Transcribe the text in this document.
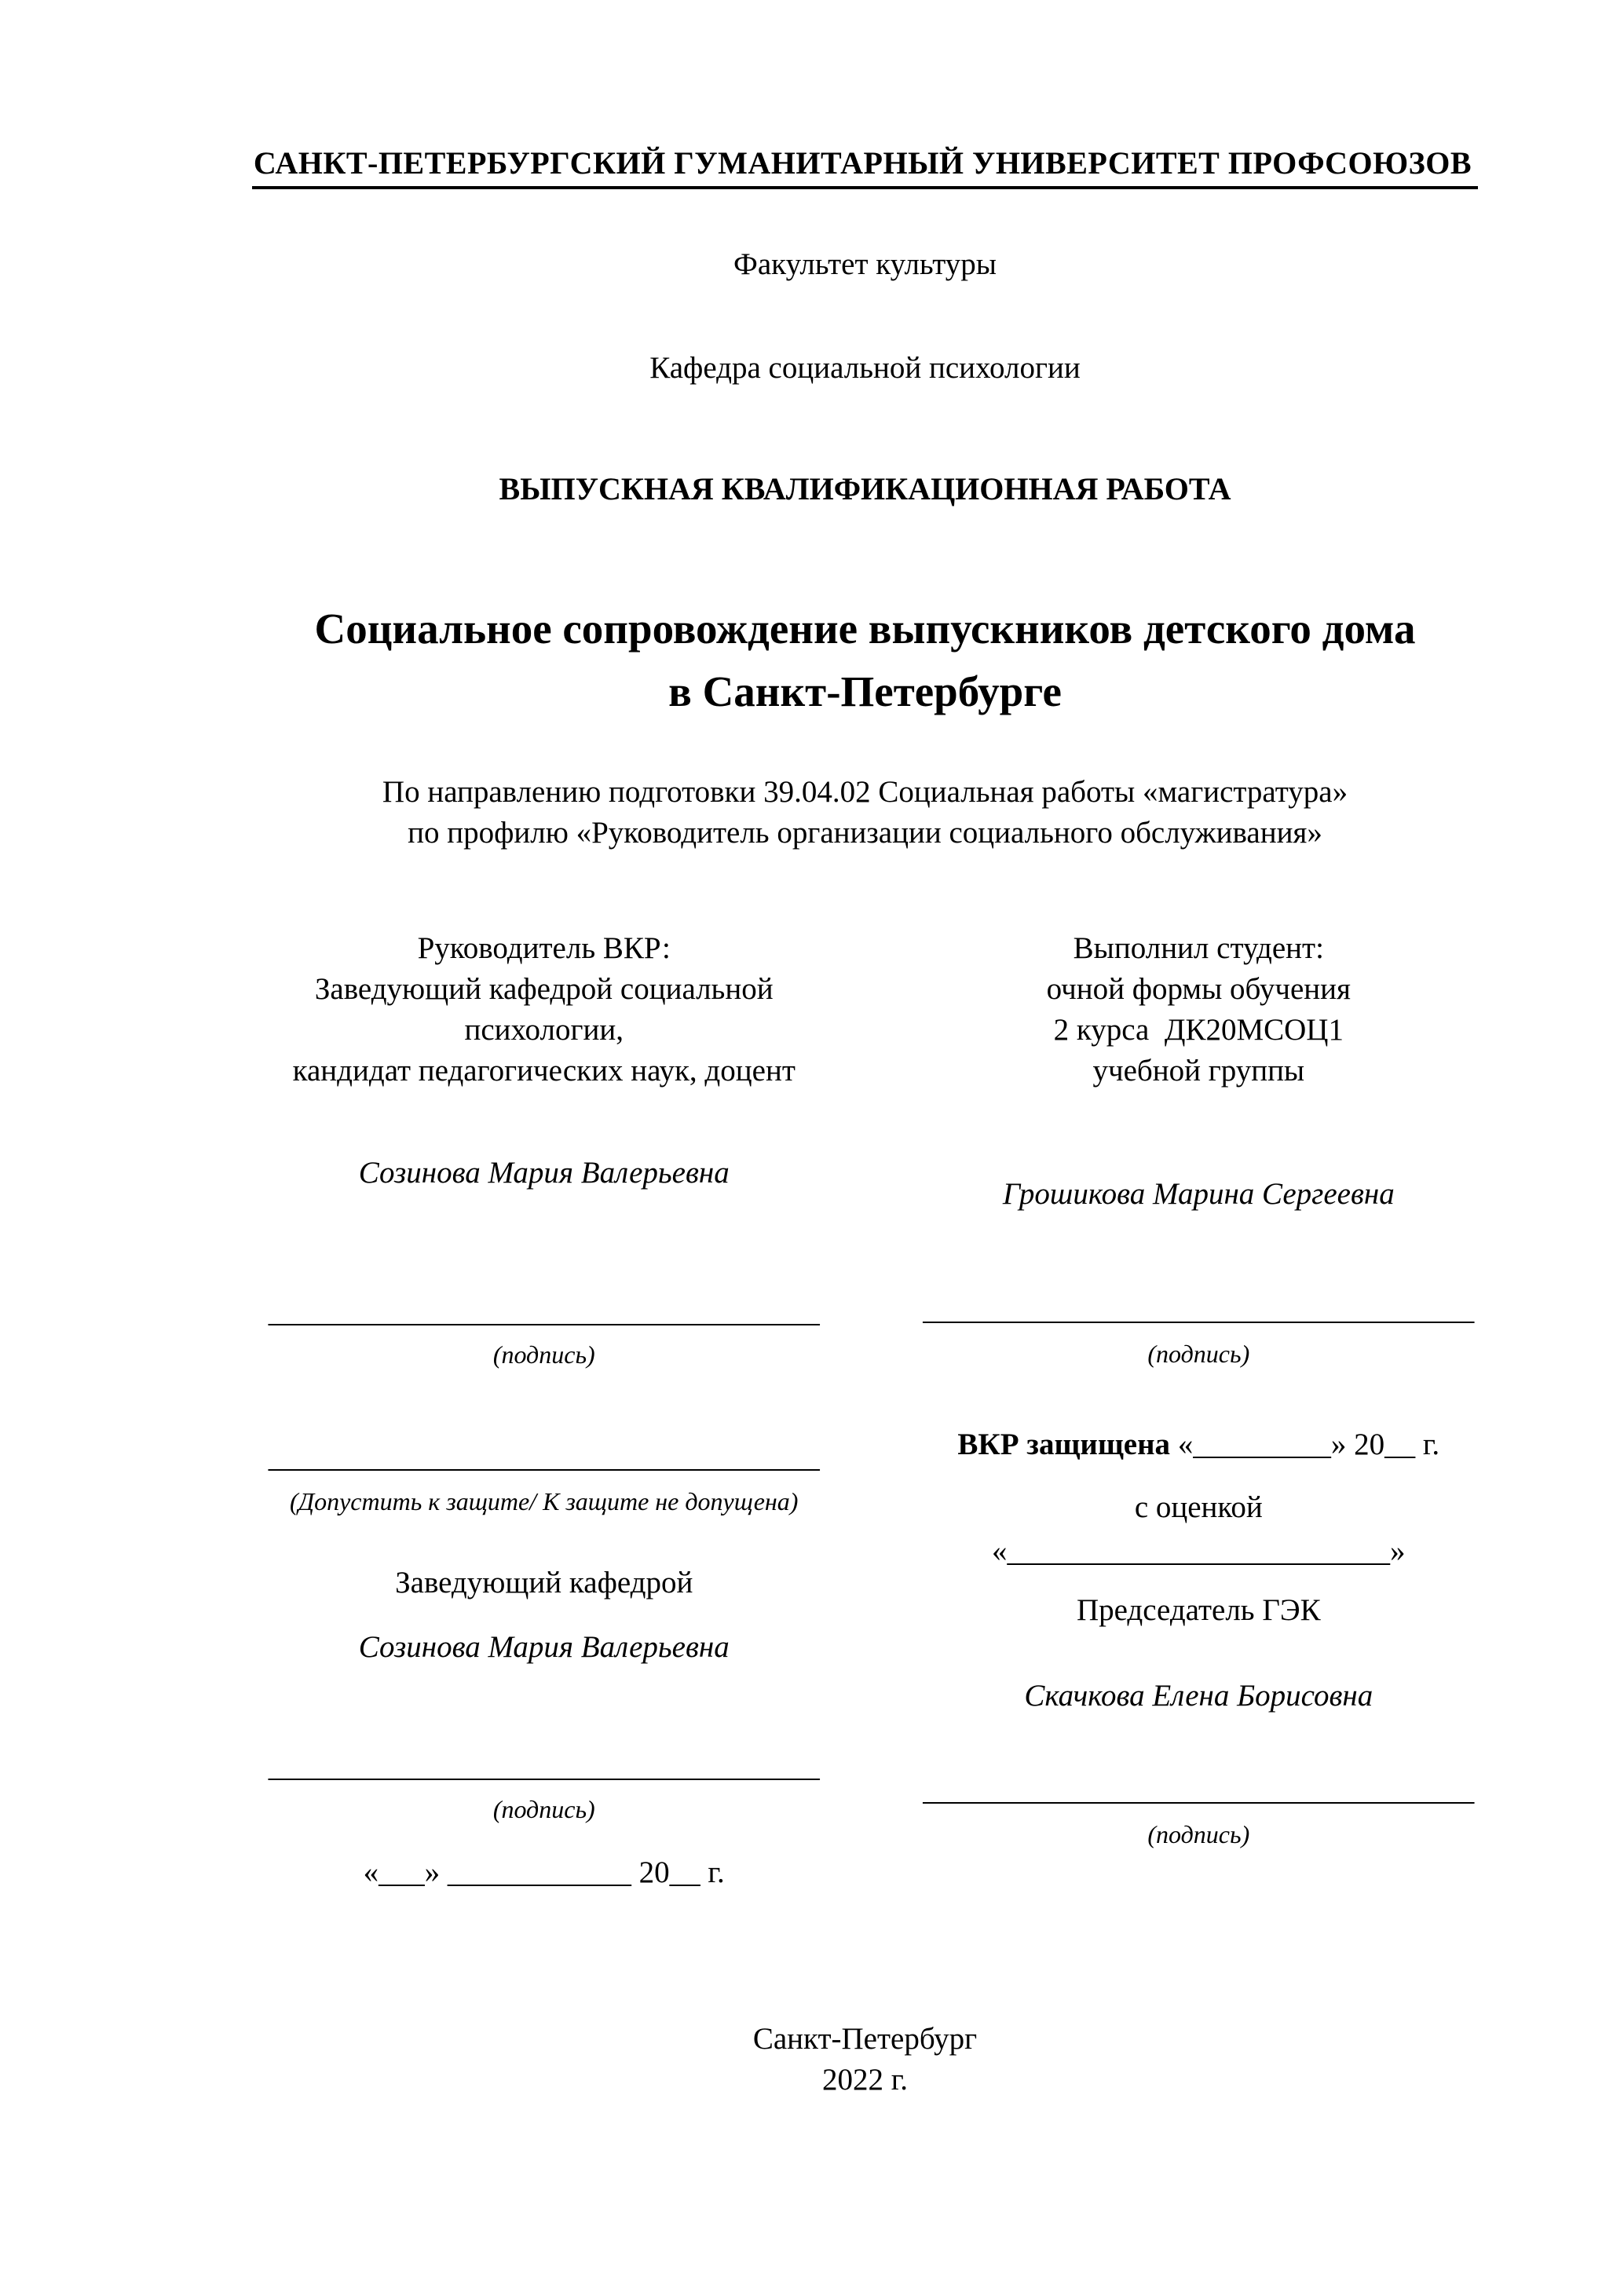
САНКТ-ПЕТЕРБУРГСКИЙ ГУМАНИТАРНЫЙ УНИВЕРСИТЕТ ПРОФСОЮЗОВ
Факультет культуры
Кафедра социальной психологии
ВЫПУСКНАЯ КВАЛИФИКАЦИОННАЯ РАБОТА
Социальное сопровождение выпускников детского дома
в Санкт-Петербурге
По направлению подготовки 39.04.02 Социальная работы «магистратура»
по профилю «Руководитель организации социального обслуживания»
Руководитель ВКР:
Заведующий кафедрой социальной
психологии,
кандидат педагогических наук, доцент
Созинова Мария Валерьевна
____________________________________
(подпись)
____________________________________
(Допустить к защите/ К защите не допущена)
Заведующий кафедрой
Созинова Мария Валерьевна
____________________________________
(подпись)
«___» ____________ 20__ г.
Выполнил студент:
очной формы обучения
2 курса  ДК20МСОЦ1
учебной группы
Грошикова Марина Сергеевна
____________________________________
(подпись)
ВКР защищена «_________» 20__ г.
с оценкой
«_________________________»
Председатель ГЭК
Скачкова Елена Борисовна
____________________________________
(подпись)
Санкт-Петербург
2022 г.
